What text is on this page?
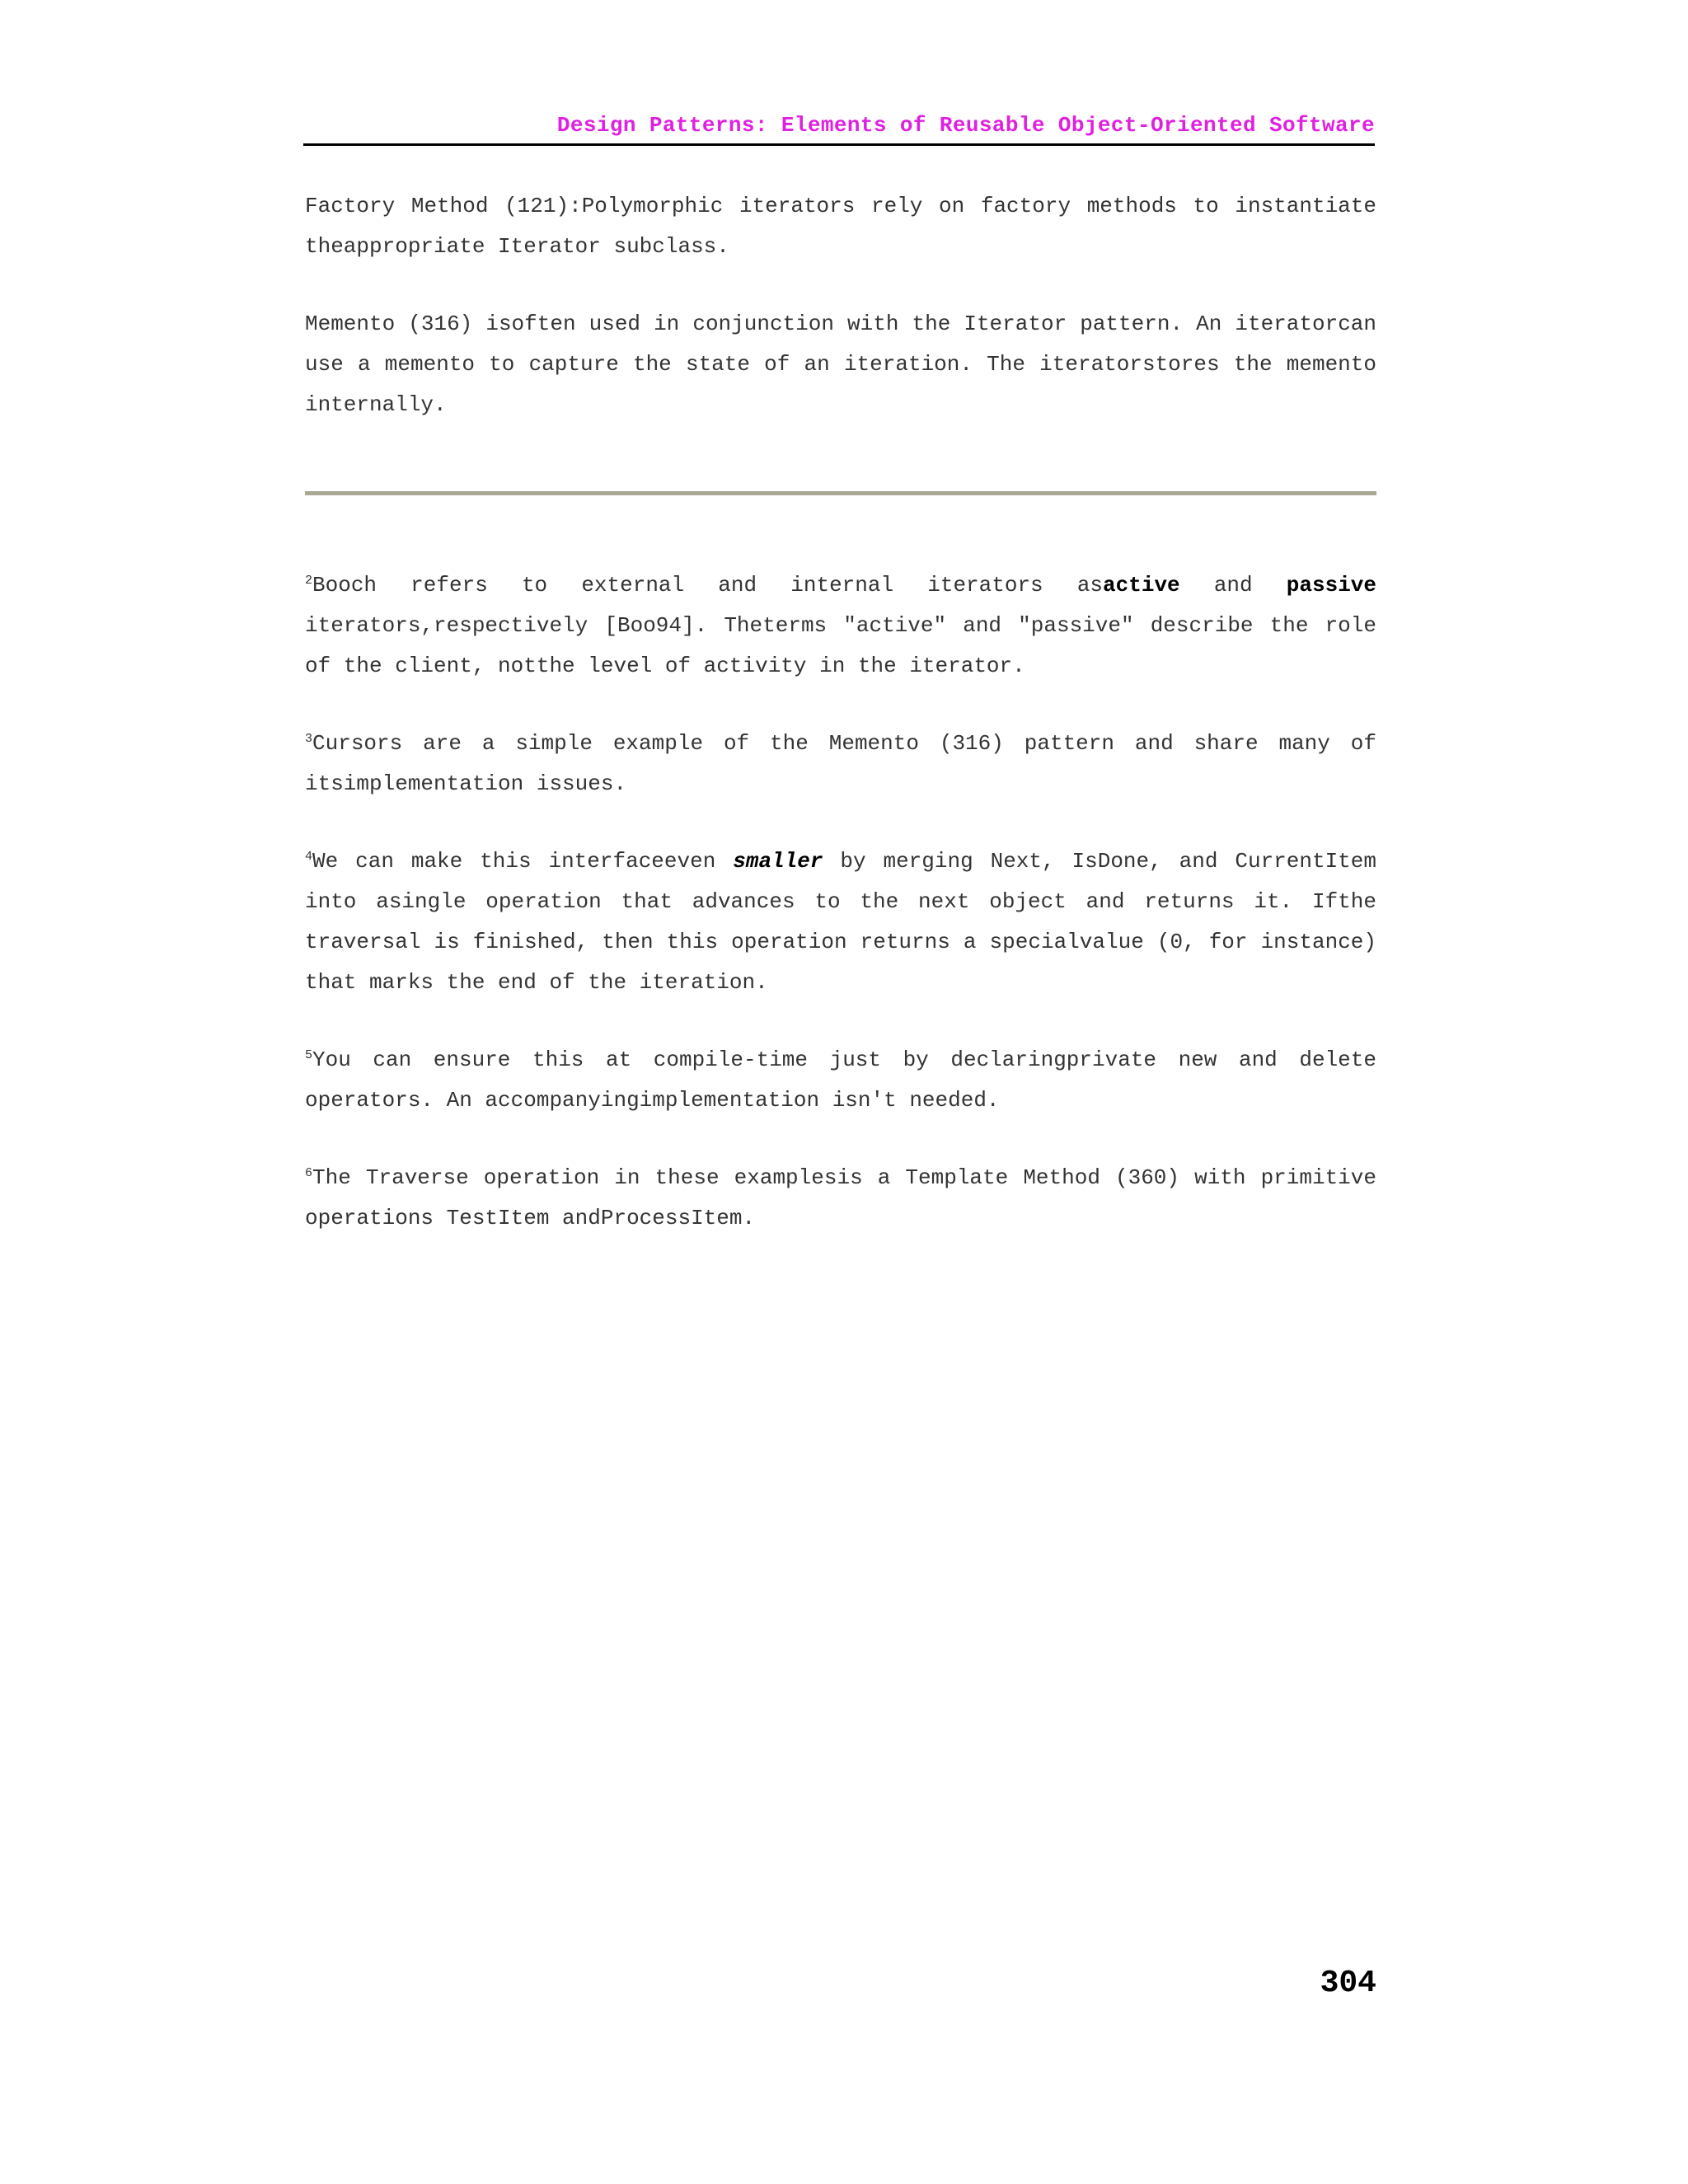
Design Patterns: Elements of Reusable Object-Oriented Software

Factory Method (121):Polymorphic iterators rely on factory methods to instantiate theappropriate Iterator subclass.

Memento (316) isoften used in conjunction with the Iterator pattern. An iteratorcan use a memento to capture the state of an iteration. The iteratorstores the memento internally.

$^2$Booch refers to external and internal iterators asactive and passive iterators,respectively [Boo94]. Theterms "active" and "passive" describe the role of the client, notthe level of activity in the iterator.

$^3$Cursors are a simple example of the Memento (316) pattern and share many of itsimplementation issues.

$^4$We can make this interfaceeven smaller by merging Next, IsDone, and CurrentItem into asingle operation that advances to the next object and returns it. Ifthe traversal is finished, then this operation returns a specialvalue (0, for instance) that marks the end of the iteration.

$^5$You can ensure this at compile-time just by declaringprivate new and delete operators. An accompanyingimplementation isn't needed.

$^6$The Traverse operation in these examplesis a Template Method (360) with primitive operations TestItem andProcessItem.

304
